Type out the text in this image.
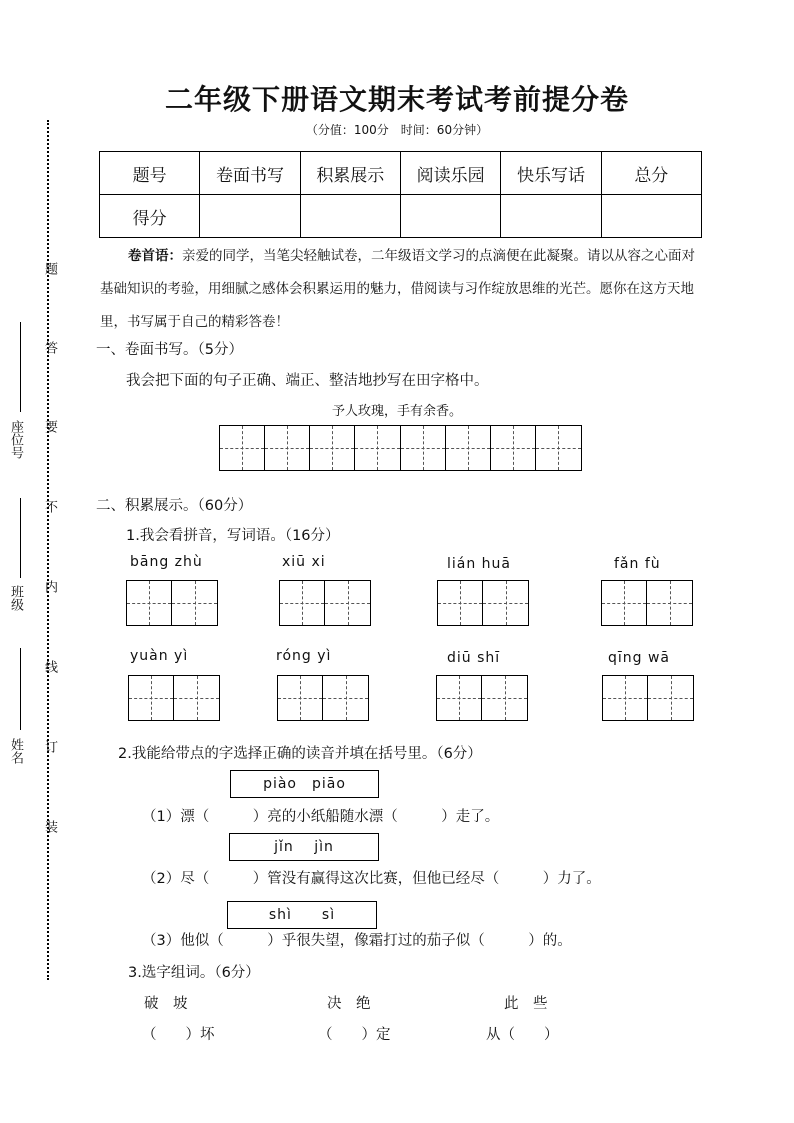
座位号
班级
姓名
题
答
要
不
内
线
订
装
二年级下册语文期末考试考前提分卷
（分值：100分　时间：60分钟）
题号	卷面书写	积累展示	阅读乐园	快乐写话	总分
得分					
卷首语：亲爱的同学，当笔尖轻触试卷，二年级语文学习的点滴便在此凝聚。请以从容之心面对基础知识的考验，用细腻之感体会积累运用的魅力，借阅读与习作绽放思维的光芒。愿你在这方天地里，书写属于自己的精彩答卷！
一、卷面书写。（5分）
我会把下面的句子正确、端正、整洁地抄写在田字格中。
予人玫瑰，手有余香。
二、积累展示。（60分）
1.我会看拼音，写词语。（16分）
bāng zhù	xiū xi	lián huā	fǎn fù
yuàn yì	róng yì	diū shī	qīng wā
2.我能给带点的字选择正确的读音并填在括号里。（6分）
piào　piāo
（1）漂（　　　）亮的小纸船随水漂（　　　）走了。
jǐn　 jìn
（2）尽（　　　）管没有赢得这次比赛，但他已经尽（　　　）力了。
shì　　sì
（3）他似（　　　）乎很失望，像霜打过的茄子似（　　　）的。
3.选字组词。（6分）
破　坡	决　绝	此　些
（　　）坏	（　　）定	从（　　）
